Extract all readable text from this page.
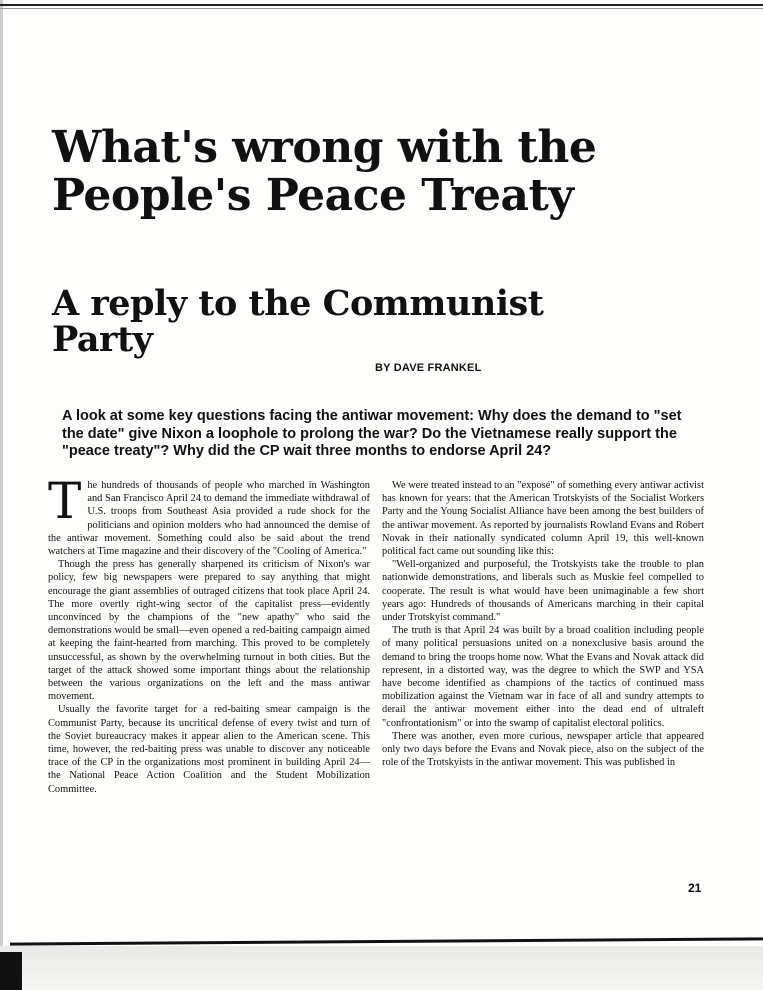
What's wrong with the People's Peace Treaty
A reply to the Communist Party
BY DAVE FRANKEL

A look at some key questions facing the antiwar movement: Why does the demand to "set the date" give Nixon a loophole to prolong the war? Do the Vietnamese really support the "peace treaty"? Why did the CP wait three months to endorse April 24?

The hundreds of thousands of people who marched in Washington and San Francisco April 24 to demand the immediate withdrawal of U.S. troops from Southeast Asia provided a rude shock for the politicians and opinion molders who had announced the demise of the antiwar movement. Something could also be said about the trend watchers at Time magazine and their discovery of the "Cooling of America."

Though the press has generally sharpened its criticism of Nixon's war policy, few big newspapers were prepared to say anything that might encourage the giant assemblies of outraged citizens that took place April 24. The more overtly right-wing sector of the capitalist press—evidently unconvinced by the champions of the "new apathy" who said the demonstrations would be small—even opened a red-baiting campaign aimed at keeping the faint-hearted from marching. This proved to be completely unsuccessful, as shown by the overwhelming turnout in both cities. But the target of the attack showed some important things about the relationship between the various organizations on the left and the mass antiwar movement.

Usually the favorite target for a red-baiting smear campaign is the Communist Party, because its uncritical defense of every twist and turn of the Soviet bureaucracy makes it appear alien to the American scene. This time, however, the red-baiting press was unable to discover any noticeable trace of the CP in the organizations most prominent in building April 24—the National Peace Action Coalition and the Student Mobilization Committee.

We were treated instead to an "exposé" of something every antiwar activist has known for years: that the American Trotskyists of the Socialist Workers Party and the Young Socialist Alliance have been among the best builders of the antiwar movement. As reported by journalists Rowland Evans and Robert Novak in their nationally syndicated column April 19, this well-known political fact came out sounding like this:

"Well-organized and purposeful, the Trotskyists take the trouble to plan nationwide demonstrations, and liberals such as Muskie feel compelled to cooperate. The result is what would have been unimaginable a few short years ago: Hundreds of thousands of Americans marching in their capital under Trotskyist command."

The truth is that April 24 was built by a broad coalition including people of many political persuasions united on a nonexclusive basis around the demand to bring the troops home now. What the Evans and Novak attack did represent, in a distorted way, was the degree to which the SWP and YSA have become identified as champions of the tactics of continued mass mobilization against the Vietnam war in face of all and sundry attempts to derail the antiwar movement either into the dead end of ultraleft "confrontationism" or into the swamp of capitalist electoral politics.

There was another, even more curious, newspaper article that appeared only two days before the Evans and Novak piece, also on the subject of the role of the Trotskyists in the antiwar movement. This was published in

21
